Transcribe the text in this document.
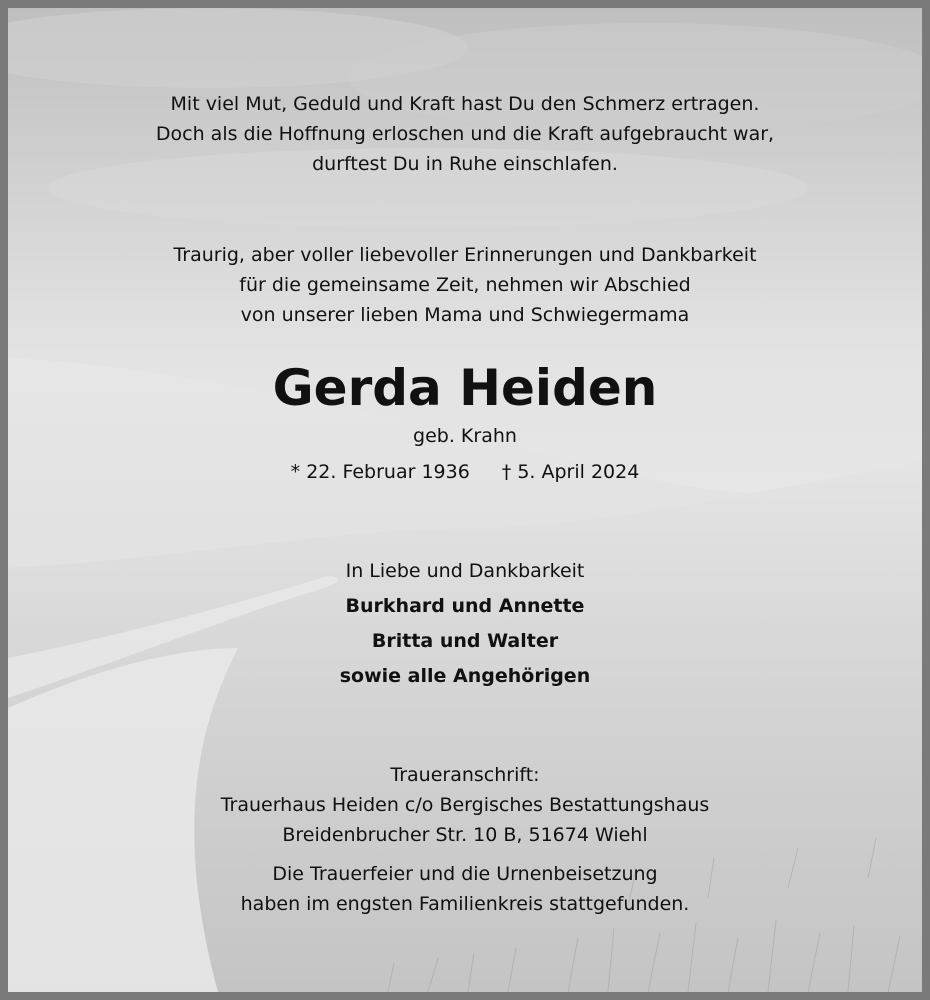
Mit viel Mut, Geduld und Kraft hast Du den Schmerz ertragen.
Doch als die Hoffnung erloschen und die Kraft aufgebraucht war,
durftest Du in Ruhe einschlafen.
Traurig, aber voller liebevoller Erinnerungen und Dankbarkeit
für die gemeinsame Zeit, nehmen wir Abschied
von unserer lieben Mama und Schwiegermama
Gerda Heiden
geb. Krahn
* 22. Februar 1936 † 5. April 2024
In Liebe und Dankbarkeit
Burkhard und Annette
Britta und Walter
sowie alle Angehörigen
Traueranschrift:
Trauerhaus Heiden c/o Bergisches Bestattungshaus
Breidenbrucher Str. 10 B, 51674 Wiehl
Die Trauerfeier und die Urnenbeisetzung
haben im engsten Familienkreis stattgefunden.
